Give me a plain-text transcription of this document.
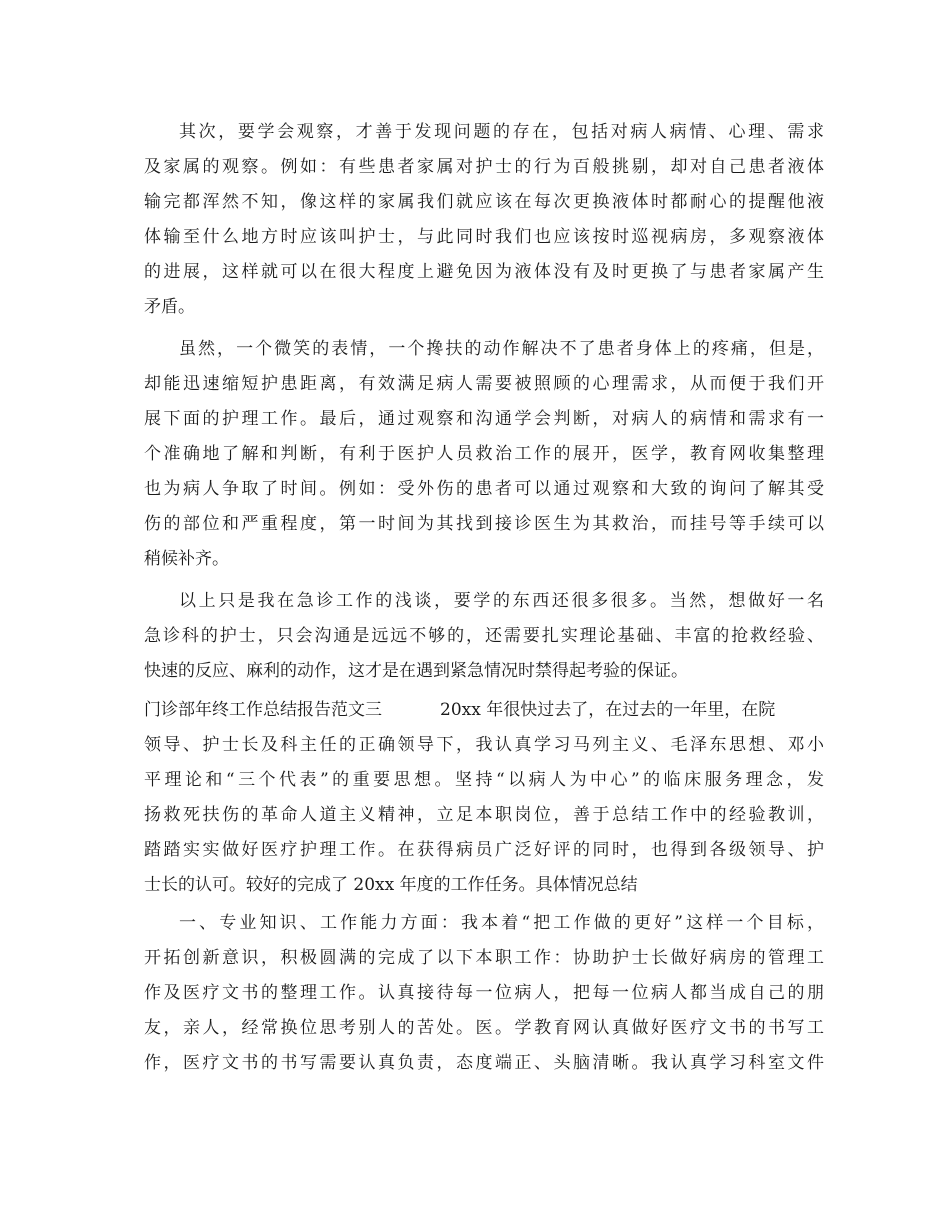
其次，要学会观察，才善于发现问题的存在，包括对病人病情、心理、需求
及家属的观察。例如：有些患者家属对护士的行为百般挑剔，却对自己患者液体
输完都浑然不知，像这样的家属我们就应该在每次更换液体时都耐心的提醒他液
体输至什么地方时应该叫护士，与此同时我们也应该按时巡视病房，多观察液体
的进展，这样就可以在很大程度上避免因为液体没有及时更换了与患者家属产生
矛盾。
虽然，一个微笑的表情，一个搀扶的动作解决不了患者身体上的疼痛，但是，
却能迅速缩短护患距离，有效满足病人需要被照顾的心理需求，从而便于我们开
展下面的护理工作。最后，通过观察和沟通学会判断，对病人的病情和需求有一
个准确地了解和判断，有利于医护人员救治工作的展开，医学，教育网收集整理
也为病人争取了时间。例如：受外伤的患者可以通过观察和大致的询问了解其受
伤的部位和严重程度，第一时间为其找到接诊医生为其救治，而挂号等手续可以
稍候补齐。
以上只是我在急诊工作的浅谈，要学的东西还很多很多。当然，想做好一名
急诊科的护士，只会沟通是远远不够的，还需要扎实理论基础、丰富的抢救经验、
快速的反应、麻利的动作，这才是在遇到紧急情况时禁得起考验的保证。
门诊部年终工作总结报告范文三	20xx 年很快过去了，在过去的一年里，在院
领导、护士长及科主任的正确领导下，我认真学习马列主义、毛泽东思想、邓小
平理论和“三个代表”的重要思想。坚持“以病人为中心”的临床服务理念，发
扬救死扶伤的革命人道主义精神，立足本职岗位，善于总结工作中的经验教训，
踏踏实实做好医疗护理工作。在获得病员广泛好评的同时，也得到各级领导、护
士长的认可。较好的完成了 20xx 年度的工作任务。具体情况总结
一、专业知识、工作能力方面：我本着“把工作做的更好”这样一个目标，
开拓创新意识，积极圆满的完成了以下本职工作：协助护士长做好病房的管理工
作及医疗文书的整理工作。认真接待每一位病人，把每一位病人都当成自己的朋
友，亲人，经常换位思考别人的苦处。医。学教育网认真做好医疗文书的书写工
作，医疗文书的书写需要认真负责，态度端正、头脑清晰。我认真学习科室文件
